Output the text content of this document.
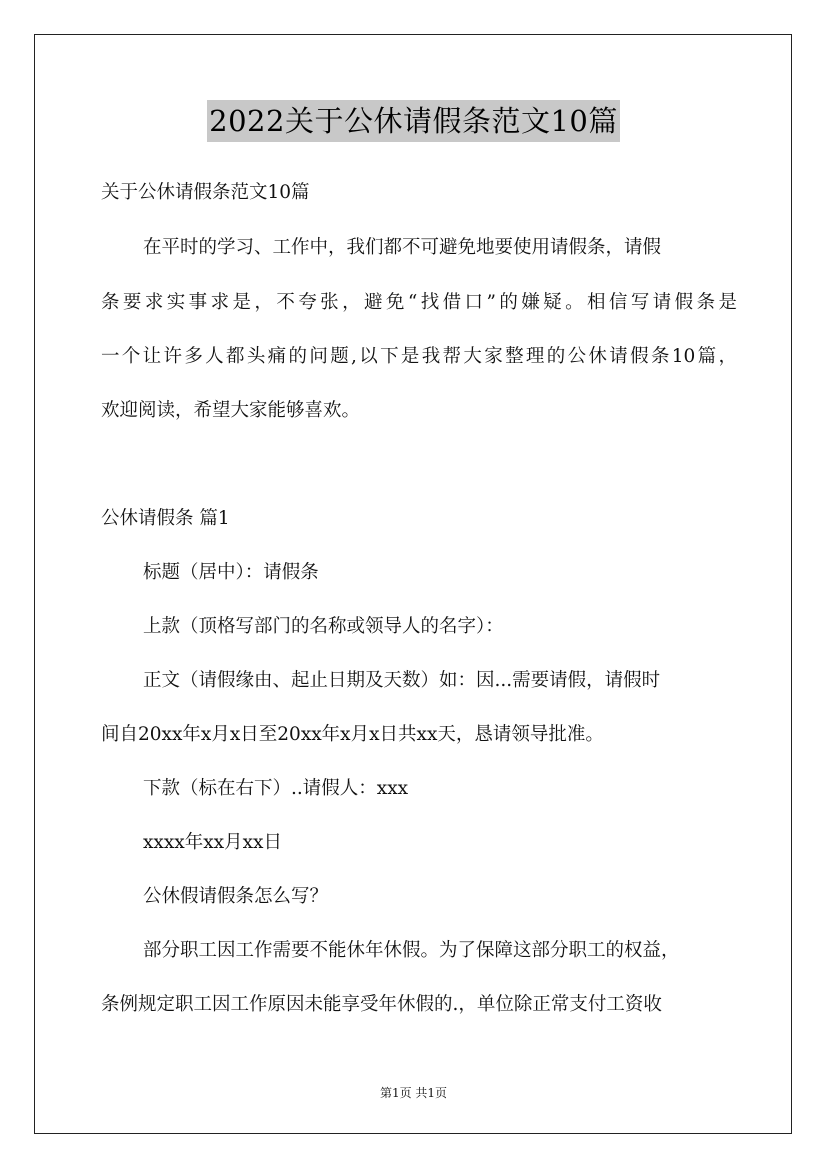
2022关于公休请假条范文10篇
关于公休请假条范文10篇
在平时的学习、工作中，我们都不可避免地要使用请假条，请假
条要求实事求是，不夸张，避免“找借口”的嫌疑。相信写请假条是
一个让许多人都头痛的问题,以下是我帮大家整理的公休请假条10篇，
欢迎阅读，希望大家能够喜欢。
公休请假条 篇1
标题（居中）：请假条
上款（顶格写部门的名称或领导人的名字）：
正文（请假缘由、起止日期及天数）如：因...需要请假，请假时
间自20xx年x月x日至20xx年x月x日共xx天，恳请领导批准。
下款（标在右下）..请假人：xxx
xxxx年xx月xx日
公休假请假条怎么写？
部分职工因工作需要不能休年休假。为了保障这部分职工的权益，
条例规定职工因工作原因未能享受年休假的.，单位除正常支付工资收
第1页 共1页
